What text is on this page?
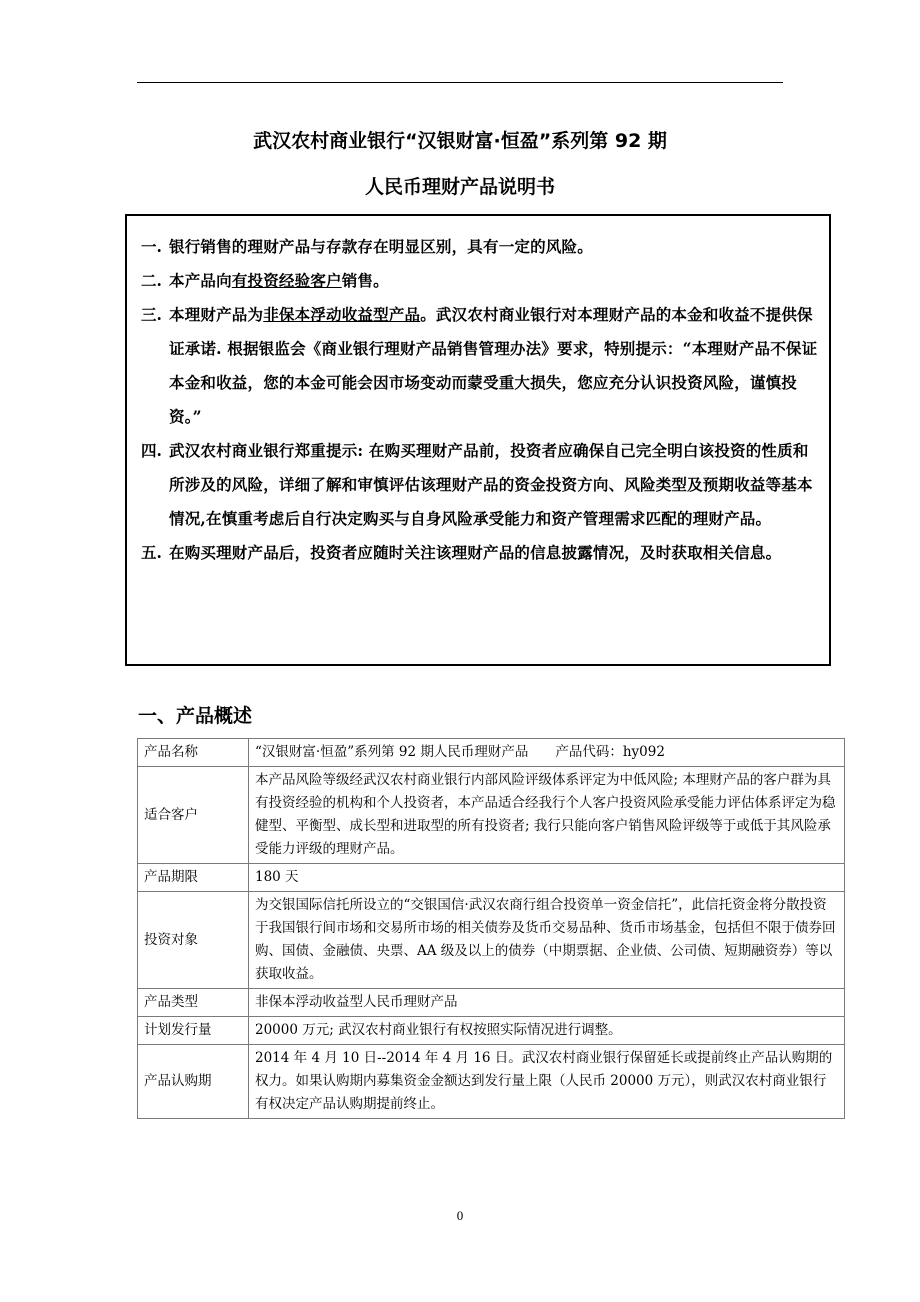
武汉农村商业银行“汉银财富·恒盈”系列第 92 期
人民币理财产品说明书
一. 银行销售的理财产品与存款存在明显区别，具有一定的风险。
二. 本产品向有投资经验客户销售。
三. 本理财产品为非保本浮动收益型产品。武汉农村商业银行对本理财产品的本金和收益不提供保证承诺. 根据银监会《商业银行理财产品销售管理办法》要求，特别提示：“本理财产品不保证本金和收益，您的本金可能会因市场变动而蒙受重大损失，您应充分认识投资风险，谨慎投资。”
四. 武汉农村商业银行郑重提示: 在购买理财产品前，投资者应确保自己完全明白该投资的性质和所涉及的风险，详细了解和审慎评估该理财产品的资金投资方向、风险类型及预期收益等基本情况,在慎重考虑后自行决定购买与自身风险承受能力和资产管理需求匹配的理财产品。
五. 在购买理财产品后，投资者应随时关注该理财产品的信息披露情况，及时获取相关信息。
一、产品概述
产品名称	“汉银财富·恒盈”系列第 92 期人民币理财产品　　产品代码：hy092
适合客户	本产品风险等级经武汉农村商业银行内部风险评级体系评定为中低风险; 本理财产品的客户群为具有投资经验的机构和个人投资者，本产品适合经我行个人客户投资风险承受能力评估体系评定为稳健型、平衡型、成长型和进取型的所有投资者; 我行只能向客户销售风险评级等于或低于其风险承受能力评级的理财产品。
产品期限	180 天
投资对象	为交银国际信托所设立的“交银国信·武汉农商行组合投资单一资金信托”，此信托资金将分散投资于我国银行间市场和交易所市场的相关债券及货币交易品种、货币市场基金，包括但不限于债券回购、国债、金融债、央票、AA 级及以上的债券（中期票据、企业债、公司债、短期融资券）等以获取收益。
产品类型	非保本浮动收益型人民币理财产品
计划发行量	20000 万元; 武汉农村商业银行有权按照实际情况进行调整。
产品认购期	2014 年 4 月 10 日--2014 年 4 月 16 日。武汉农村商业银行保留延长或提前终止产品认购期的权力。如果认购期内募集资金金额达到发行量上限（人民币 20000 万元），则武汉农村商业银行有权决定产品认购期提前终止。
0
